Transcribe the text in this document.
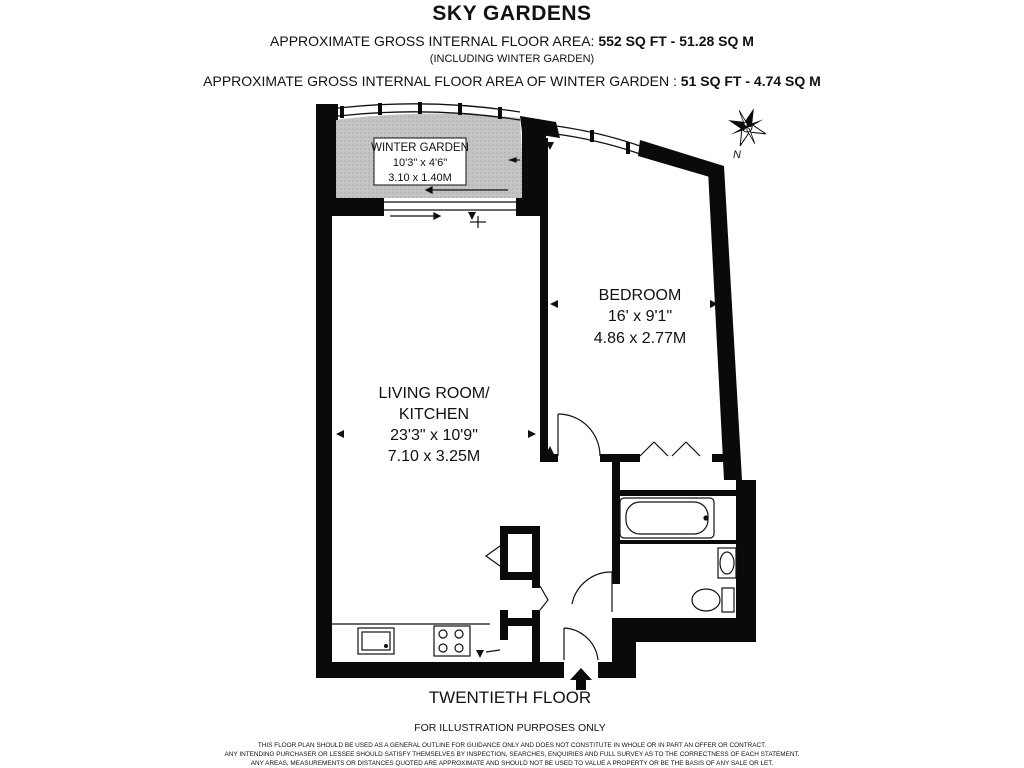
SKY GARDENS
APPROXIMATE GROSS INTERNAL FLOOR AREA: 552 SQ FT - 51.28 SQ M
(INCLUDING WINTER GARDEN)
APPROXIMATE GROSS INTERNAL FLOOR AREA OF WINTER GARDEN : 51 SQ FT - 4.74 SQ M
N
WINTER GARDEN
10'3" x 4'6"
3.10 x 1.40M
BEDROOM
16' x 9'1"
4.86 x 2.77M
LIVING ROOM/
KITCHEN
23'3" x 10'9"
7.10 x 3.25M
TWENTIETH FLOOR
FOR ILLUSTRATION PURPOSES ONLY
THIS FLOOR PLAN SHOULD BE USED AS A GENERAL OUTLINE FOR GUIDANCE ONLY AND DOES NOT CONSTITUTE IN WHOLE OR IN PART AN OFFER OR CONTRACT.
ANY INTENDING PURCHASER OR LESSEE SHOULD SATISFY THEMSELVES BY INSPECTION, SEARCHES, ENQUIRIES AND FULL SURVEY AS TO THE CORRECTNESS OF EACH STATEMENT.
ANY AREAS, MEASUREMENTS OR DISTANCES QUOTED ARE APPROXIMATE AND SHOULD NOT BE USED TO VALUE A PROPERTY OR BE THE BASIS OF ANY SALE OR LET.
